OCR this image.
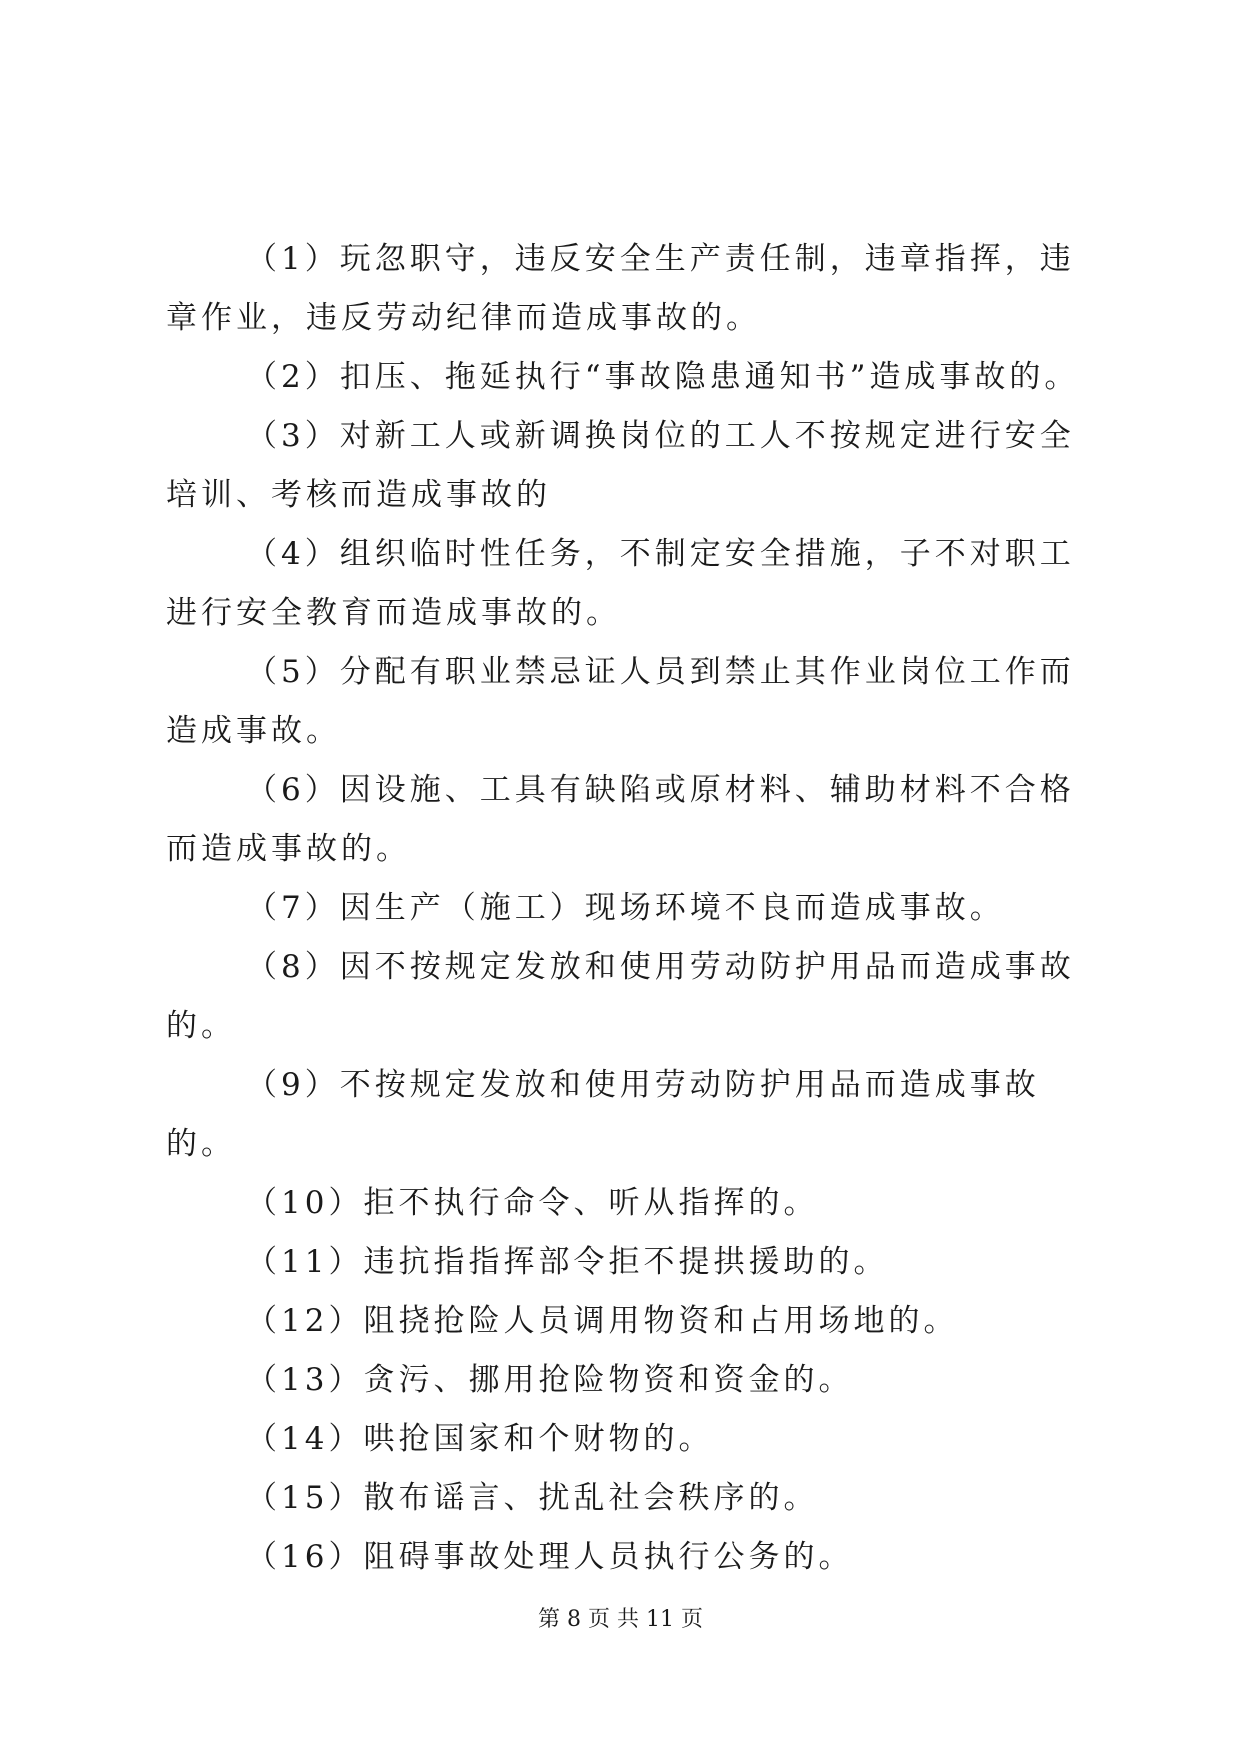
（1）玩忽职守，违反安全生产责任制，违章指挥，违章作业，违反劳动纪律而造成事故的。

（2）扣压、拖延执行“事故隐患通知书”造成事故的。

（3）对新工人或新调换岗位的工人不按规定进行安全培训、考核而造成事故的

（4）组织临时性任务，不制定安全措施，子不对职工进行安全教育而造成事故的。

（5）分配有职业禁忌证人员到禁止其作业岗位工作而造成事故。

（6）因设施、工具有缺陷或原材料、辅助材料不合格而造成事故的。

（7）因生产（施工）现场环境不良而造成事故。

（8）因不按规定发放和使用劳动防护用品而造成事故的。

（9）不按规定发放和使用劳动防护用品而造成事故的。

（10）拒不执行命令、听从指挥的。

（11）违抗指指挥部令拒不提拱援助的。

（12）阻挠抢险人员调用物资和占用场地的。

（13）贪污、挪用抢险物资和资金的。

（14）哄抢国家和个财物的。

（15）散布谣言、扰乱社会秩序的。

（16）阻碍事故处理人员执行公务的。

第 8 页 共 11 页
